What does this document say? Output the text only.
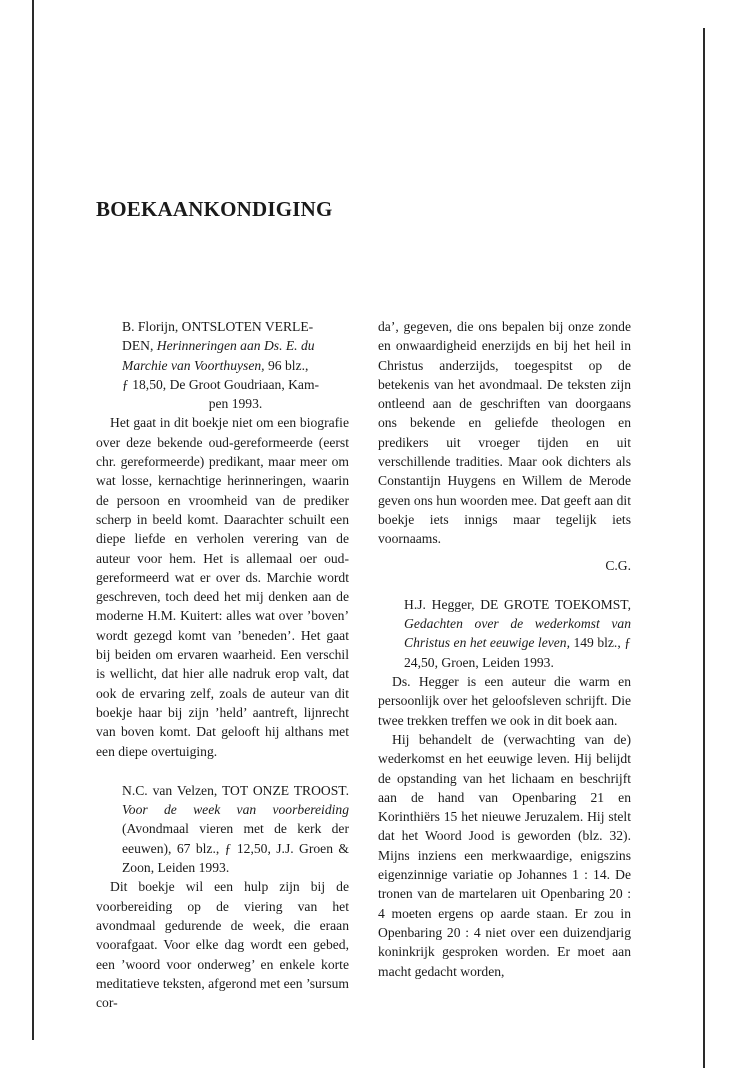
BOEKAANKONDIGING
B. Florijn, ONTSLOTEN VERLE-
DEN, Herinneringen aan Ds. E. du
Marchie van Voorthuysen, 96 blz.,
ƒ 18,50, De Groot Goudriaan, Kam-

pen 1993.

Het gaat in dit boekje niet om een biografie over deze bekende oud-gereformeerde (eerst chr. gereformeerde) predikant, maar meer om wat losse, kernachtige herinneringen, waarin de persoon en vroomheid van de prediker scherp in beeld komt. Daarachter schuilt een diepe liefde en verholen verering van de auteur voor hem. Het is allemaal oer oud-gereformeerd wat er over ds. Marchie wordt geschreven, toch deed het mij denken aan de moderne H.M. Kuitert: alles wat over ’boven’ wordt gezegd komt van ’beneden’. Het gaat bij beiden om ervaren waarheid. Een verschil is wellicht, dat hier alle nadruk erop valt, dat ook de ervaring zelf, zoals de auteur van dit boekje haar bij zijn ’held’ aantreft, lijnrecht van boven komt. Dat gelooft hij althans met een diepe overtuiging.

N.C. van Velzen, TOT ONZE TROOST. Voor de week van voorbereiding (Avondmaal vieren met de kerk der eeuwen), 67 blz., ƒ 12,50, J.J. Groen & Zoon, Leiden 1993.

Dit boekje wil een hulp zijn bij de voorbereiding op de viering van het avondmaal gedurende de week, die eraan voorafgaat. Voor elke dag wordt een gebed, een ’woord voor onderweg’ en enkele korte meditatieve teksten, afgerond met een ’sursum cor-

da’, gegeven, die ons bepalen bij onze zonde en onwaardigheid enerzijds en bij het heil in Christus anderzijds, toegespitst op de betekenis van het avondmaal. De teksten zijn ontleend aan de geschriften van doorgaans ons bekende en geliefde theologen en predikers uit vroeger tijden en uit verschillende tradities. Maar ook dichters als Constantijn Huygens en Willem de Merode geven ons hun woorden mee. Dat geeft aan dit boekje iets innigs maar tegelijk iets voornaams.

C.G.
H.J. Hegger, DE GROTE TOEKOMST, Gedachten over de wederkomst van Christus en het eeuwige leven, 149 blz., ƒ 24,50, Groen, Leiden 1993.

Ds. Hegger is een auteur die warm en persoonlijk over het geloofsleven schrijft. Die twee trekken treffen we ook in dit boek aan.

Hij behandelt de (verwachting van de) wederkomst en het eeuwige leven. Hij belijdt de opstanding van het lichaam en beschrijft aan de hand van Openbaring 21 en Korinthiërs 15 het nieuwe Jeruzalem. Hij stelt dat het Woord Jood is geworden (blz. 32). Mijns inziens een merkwaardige, enigszins eigenzinnige variatie op Johannes 1 : 14. De tronen van de martelaren uit Openbaring 20 : 4 moeten ergens op aarde staan. Er zou in Openbaring 20 : 4 niet over een duizendjarig koninkrijk gesproken worden. Er moet aan macht gedacht worden,
